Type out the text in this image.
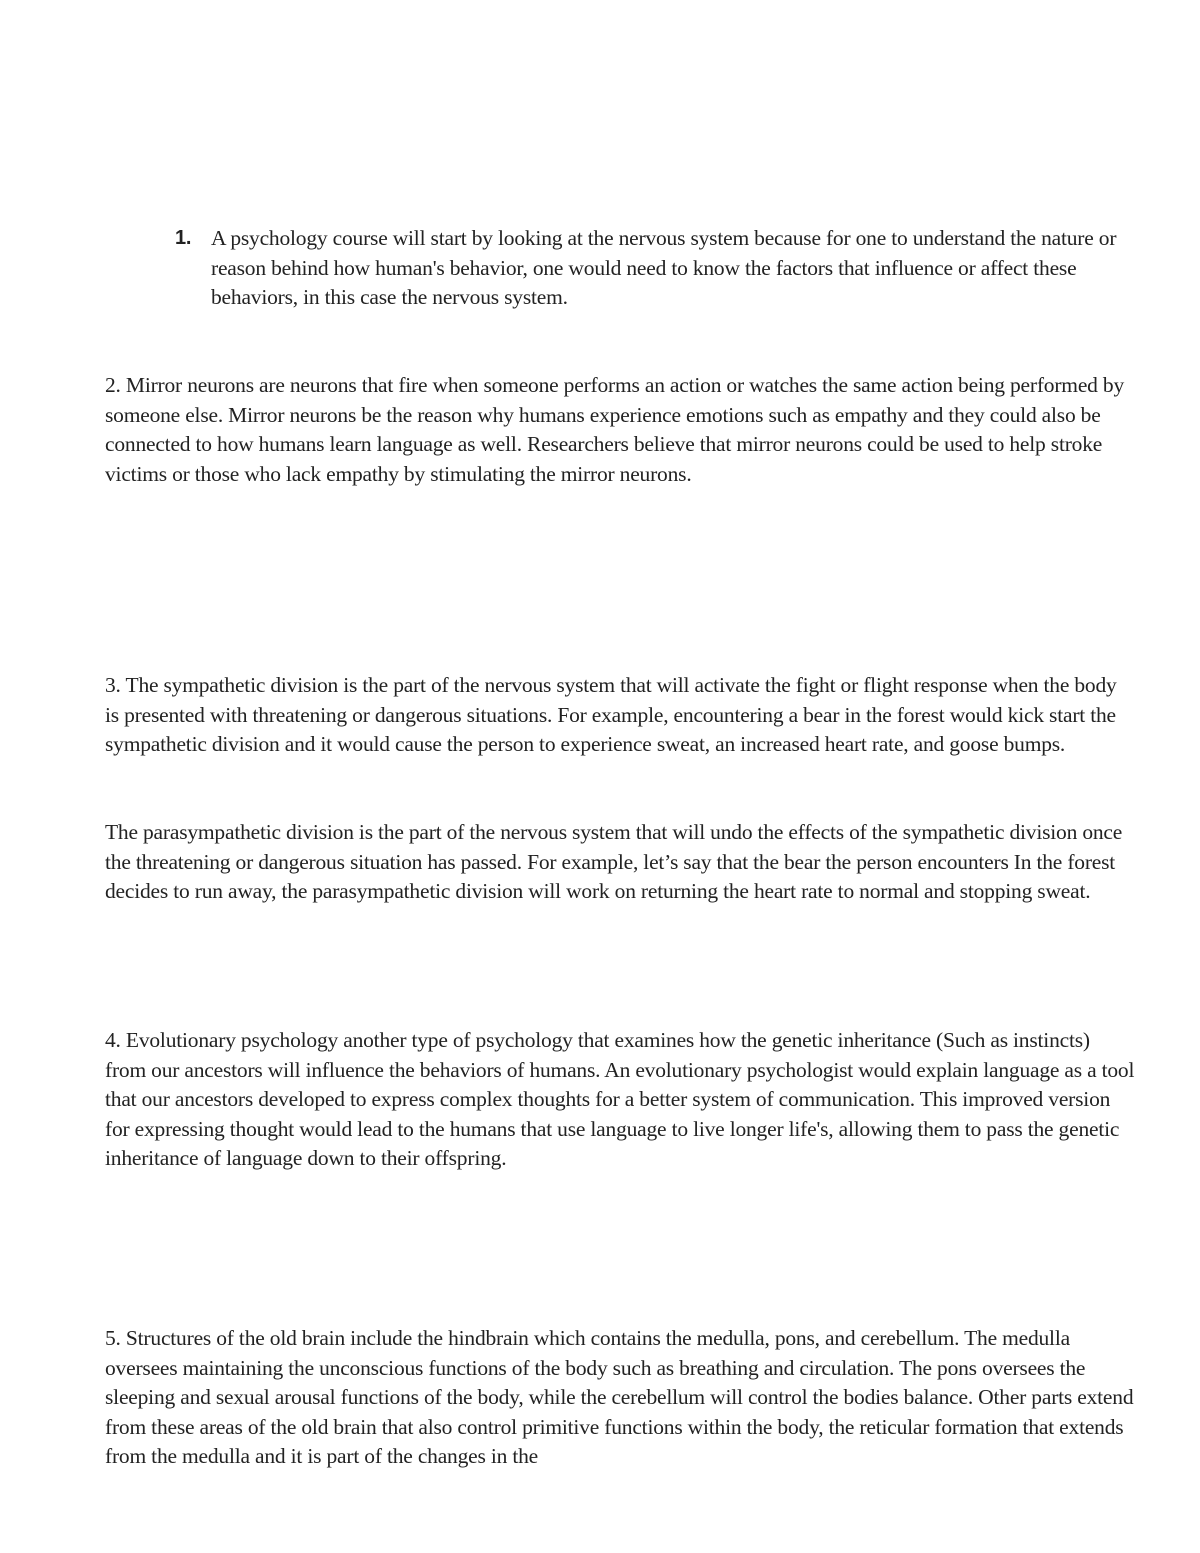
1. A psychology course will start by looking at the nervous system because for one to understand the nature or reason behind how human's behavior, one would need to know the factors that influence or affect these behaviors, in this case the nervous system.

2. Mirror neurons are neurons that fire when someone performs an action or watches the same action being performed by someone else. Mirror neurons be the reason why humans experience emotions such as empathy and they could also be connected to how humans learn language as well. Researchers believe that mirror neurons could be used to help stroke victims or those who lack empathy by stimulating the mirror neurons.

3. The sympathetic division is the part of the nervous system that will activate the fight or flight response when the body is presented with threatening or dangerous situations. For example, encountering a bear in the forest would kick start the sympathetic division and it would cause the person to experience sweat, an increased heart rate, and goose bumps.

The parasympathetic division is the part of the nervous system that will undo the effects of the sympathetic division once the threatening or dangerous situation has passed. For example, let’s say that the bear the person encounters In the forest decides to run away, the parasympathetic division will work on returning the heart rate to normal and stopping sweat.

4. Evolutionary psychology another type of psychology that examines how the genetic inheritance (Such as instincts) from our ancestors will influence the behaviors of humans. An evolutionary psychologist would explain language as a tool that our ancestors developed to express complex thoughts for a better system of communication. This improved version for expressing thought would lead to the humans that use language to live longer life's, allowing them to pass the genetic inheritance of language down to their offspring.

5. Structures of the old brain include the hindbrain which contains the medulla, pons, and cerebellum. The medulla oversees maintaining the unconscious functions of the body such as breathing and circulation. The pons oversees the sleeping and sexual arousal functions of the body, while the cerebellum will control the bodies balance. Other parts extend from these areas of the old brain that also control primitive functions within the body, the reticular formation that extends from the medulla and it is part of the changes in the
